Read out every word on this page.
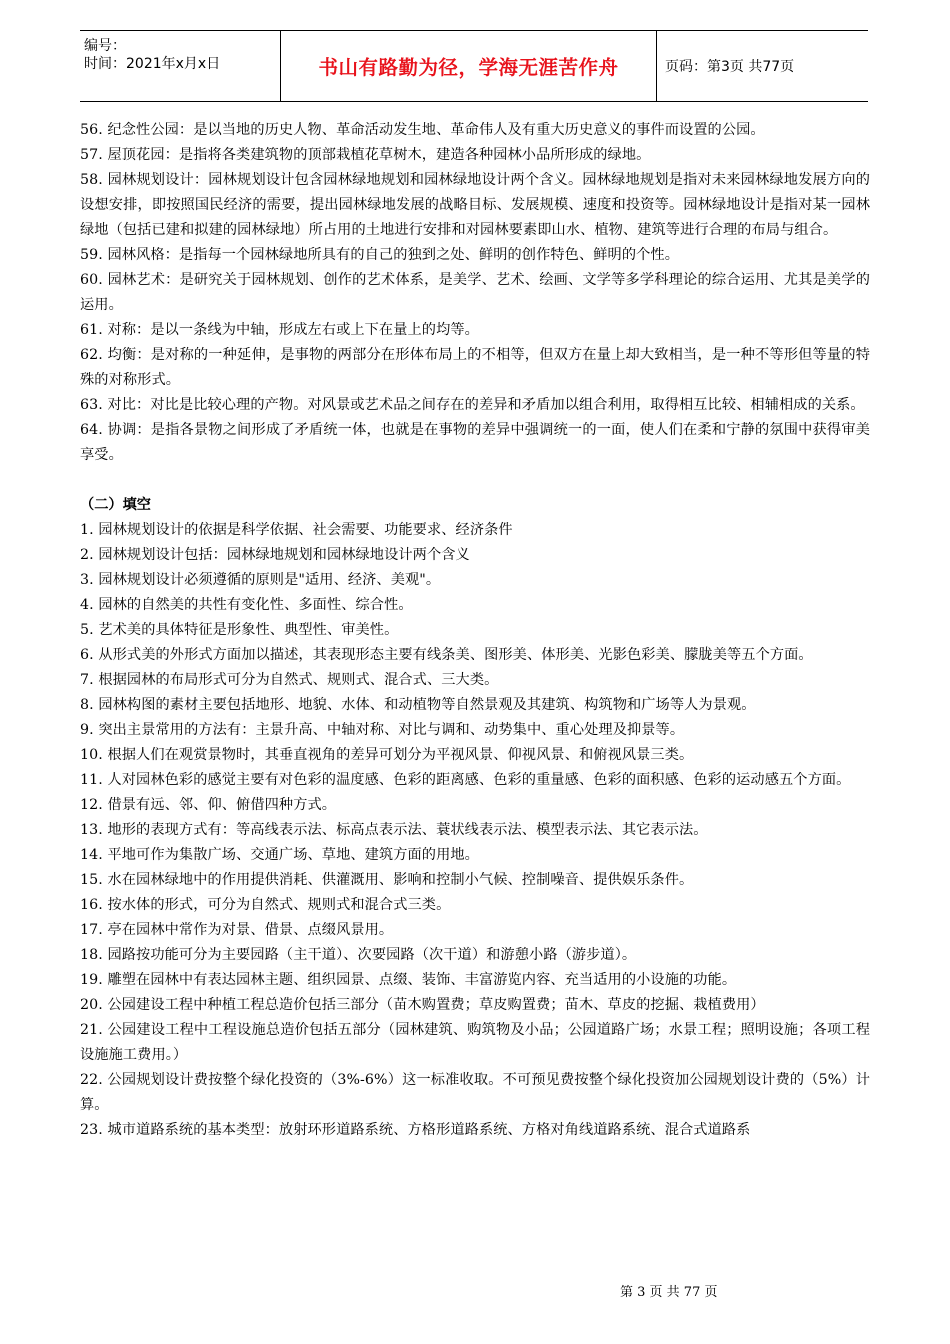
编号：
时间：2021年x月x日	书山有路勤为径，学海无涯苦作舟	页码：第3页 共77页

56. 纪念性公园：是以当地的历史人物、革命活动发生地、革命伟人及有重大历史意义的事件而设置的公园。

57. 屋顶花园：是指将各类建筑物的顶部栽植花草树木，建造各种园林小品所形成的绿地。

58. 园林规划设计：园林规划设计包含园林绿地规划和园林绿地设计两个含义。园林绿地规划是指对未来园林绿地发展方向的设想安排，即按照国民经济的需要，提出园林绿地发展的战略目标、发展规模、速度和投资等。园林绿地设计是指对某一园林绿地（包括已建和拟建的园林绿地）所占用的土地进行安排和对园林要素即山水、植物、建筑等进行合理的布局与组合。

59. 园林风格：是指每一个园林绿地所具有的自己的独到之处、鲜明的创作特色、鲜明的个性。

60. 园林艺术：是研究关于园林规划、创作的艺术体系，是美学、艺术、绘画、文学等多学科理论的综合运用、尤其是美学的运用。

61. 对称：是以一条线为中轴，形成左右或上下在量上的均等。

62. 均衡：是对称的一种延伸，是事物的两部分在形体布局上的不相等，但双方在量上却大致相当，是一种不等形但等量的特殊的对称形式。

63. 对比：对比是比较心理的产物。对风景或艺术品之间存在的差异和矛盾加以组合利用，取得相互比较、相辅相成的关系。

64. 协调：是指各景物之间形成了矛盾统一体，也就是在事物的差异中强调统一的一面，使人们在柔和宁静的氛围中获得审美享受。

（二）填空

1. 园林规划设计的依据是科学依据、社会需要、功能要求、经济条件

2. 园林规划设计包括：园林绿地规划和园林绿地设计两个含义

3. 园林规划设计必须遵循的原则是"适用、经济、美观"。

4. 园林的自然美的共性有变化性、多面性、综合性。

5. 艺术美的具体特征是形象性、典型性、审美性。

6. 从形式美的外形式方面加以描述，其表现形态主要有线条美、图形美、体形美、光影色彩美、朦胧美等五个方面。

7. 根据园林的布局形式可分为自然式、规则式、混合式、三大类。

8. 园林构图的素材主要包括地形、地貌、水体、和动植物等自然景观及其建筑、构筑物和广场等人为景观。

9. 突出主景常用的方法有：主景升高、中轴对称、对比与调和、动势集中、重心处理及抑景等。

10. 根据人们在观赏景物时，其垂直视角的差异可划分为平视风景、仰视风景、和俯视风景三类。

11. 人对园林色彩的感觉主要有对色彩的温度感、色彩的距离感、色彩的重量感、色彩的面积感、色彩的运动感五个方面。

12. 借景有远、邻、仰、俯借四种方式。

13. 地形的表现方式有：等高线表示法、标高点表示法、蓑状线表示法、模型表示法、其它表示法。

14. 平地可作为集散广场、交通广场、草地、建筑方面的用地。

15. 水在园林绿地中的作用提供消耗、供灌溉用、影响和控制小气候、控制噪音、提供娱乐条件。

16. 按水体的形式，可分为自然式、规则式和混合式三类。

17. 亭在园林中常作为对景、借景、点缀风景用。

18. 园路按功能可分为主要园路（主干道）、次要园路（次干道）和游憩小路（游步道）。

19. 雕塑在园林中有表达园林主题、组织园景、点缀、装饰、丰富游览内容、充当适用的小设施的功能。

20. 公园建设工程中种植工程总造价包括三部分（苗木购置费；草皮购置费；苗木、草皮的挖掘、栽植费用）

21. 公园建设工程中工程设施总造价包括五部分（园林建筑、购筑物及小品；公园道路广场；水景工程；照明设施；各项工程设施施工费用。）

22. 公园规划设计费按整个绿化投资的（3%-6%）这一标准收取。不可预见费按整个绿化投资加公园规划设计费的（5%）计算。

23. 城市道路系统的基本类型：放射环形道路系统、方格形道路系统、方格对角线道路系统、混合式道路系

第 3 页 共 77 页
